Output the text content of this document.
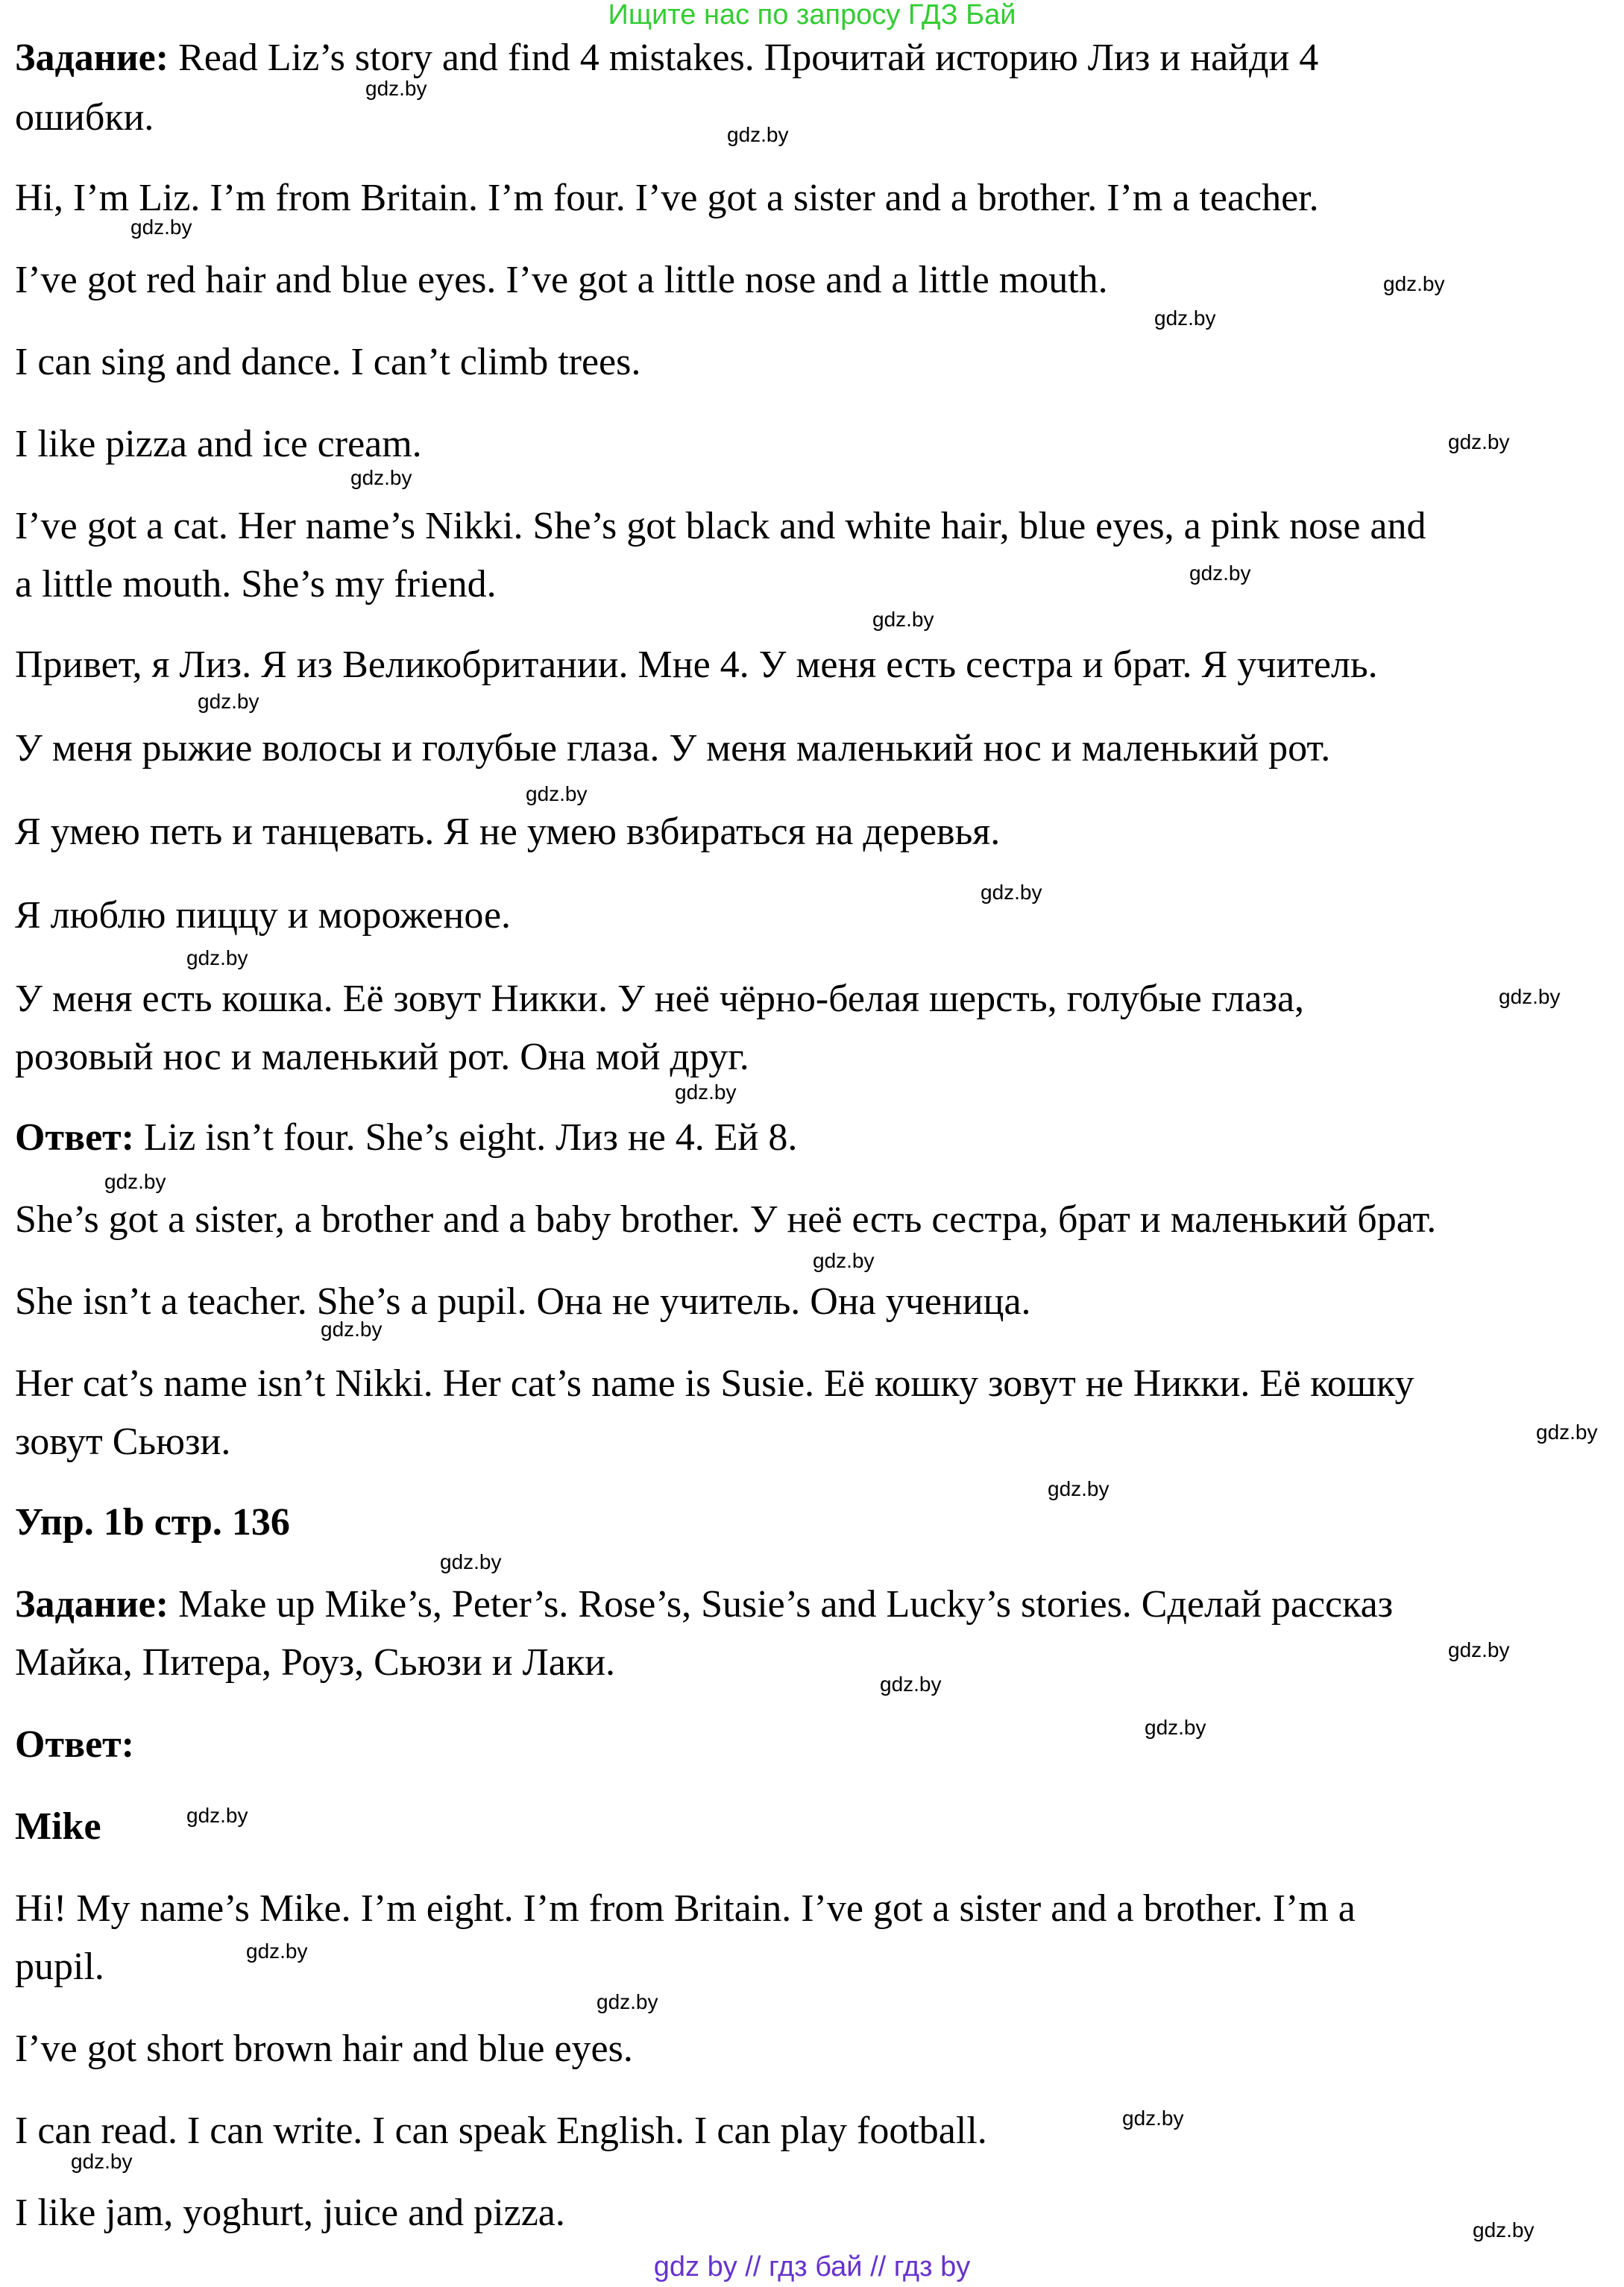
Ищите нас по запросу ГДЗ Бай

Задание: Read Liz’s story and find 4 mistakes. Прочитай историю Лиз и найди 4

ошибки.

Hi, I’m Liz. I’m from Britain. I’m four. I’ve got a sister and a brother. I’m a teacher.

I’ve got red hair and blue eyes. I’ve got a little nose and a little mouth.

I can sing and dance. I can’t climb trees.

I like pizza and ice cream.

I’ve got a cat. Her name’s Nikki. She’s got black and white hair, blue eyes, a pink nose and

a little mouth. She’s my friend.

Привет, я Лиз. Я из Великобритании. Мне 4. У меня есть сестра и брат. Я учитель.

У меня рыжие волосы и голубые глаза. У меня маленький нос и маленький рот.

Я умею петь и танцевать. Я не умею взбираться на деревья.

Я люблю пиццу и мороженое.

У меня есть кошка. Её зовут Никки. У неё чёрно-белая шерсть, голубые глаза,

розовый нос и маленький рот. Она мой друг.

Ответ: Liz isn’t four. She’s eight. Лиз не 4. Ей 8.

She’s got a sister, a brother and a baby brother. У неё есть сестра, брат и маленький брат.

She isn’t a teacher. She’s a pupil. Она не учитель. Она ученица.

Her cat’s name isn’t Nikki. Her cat’s name is Susie. Её кошку зовут не Никки. Её кошку

зовут Сьюзи.

Упр. 1b стр. 136

Задание: Make up Mike’s, Peter’s. Rose’s, Susie’s and Lucky’s stories. Сделай рассказ

Майка, Питера, Роуз, Сьюзи и Лаки.

Ответ:

Mike

Hi! My name’s Mike. I’m eight. I’m from Britain. I’ve got a sister and a brother. I’m a

pupil.

I’ve got short brown hair and blue eyes.

I can read. I can write. I can speak English. I can play football.

I like jam, yoghurt, juice and pizza.

gdz.by
gdz.by
gdz.by
gdz.by
gdz.by
gdz.by
gdz.by
gdz.by
gdz.by
gdz.by
gdz.by
gdz.by
gdz.by
gdz.by
gdz.by
gdz.by
gdz.by
gdz.by
gdz.by
gdz.by
gdz.by
gdz.by
gdz.by
gdz.by
gdz.by
gdz.by
gdz.by
gdz.by
gdz.by
gdz.by
gdz by // гдз бай // гдз by
